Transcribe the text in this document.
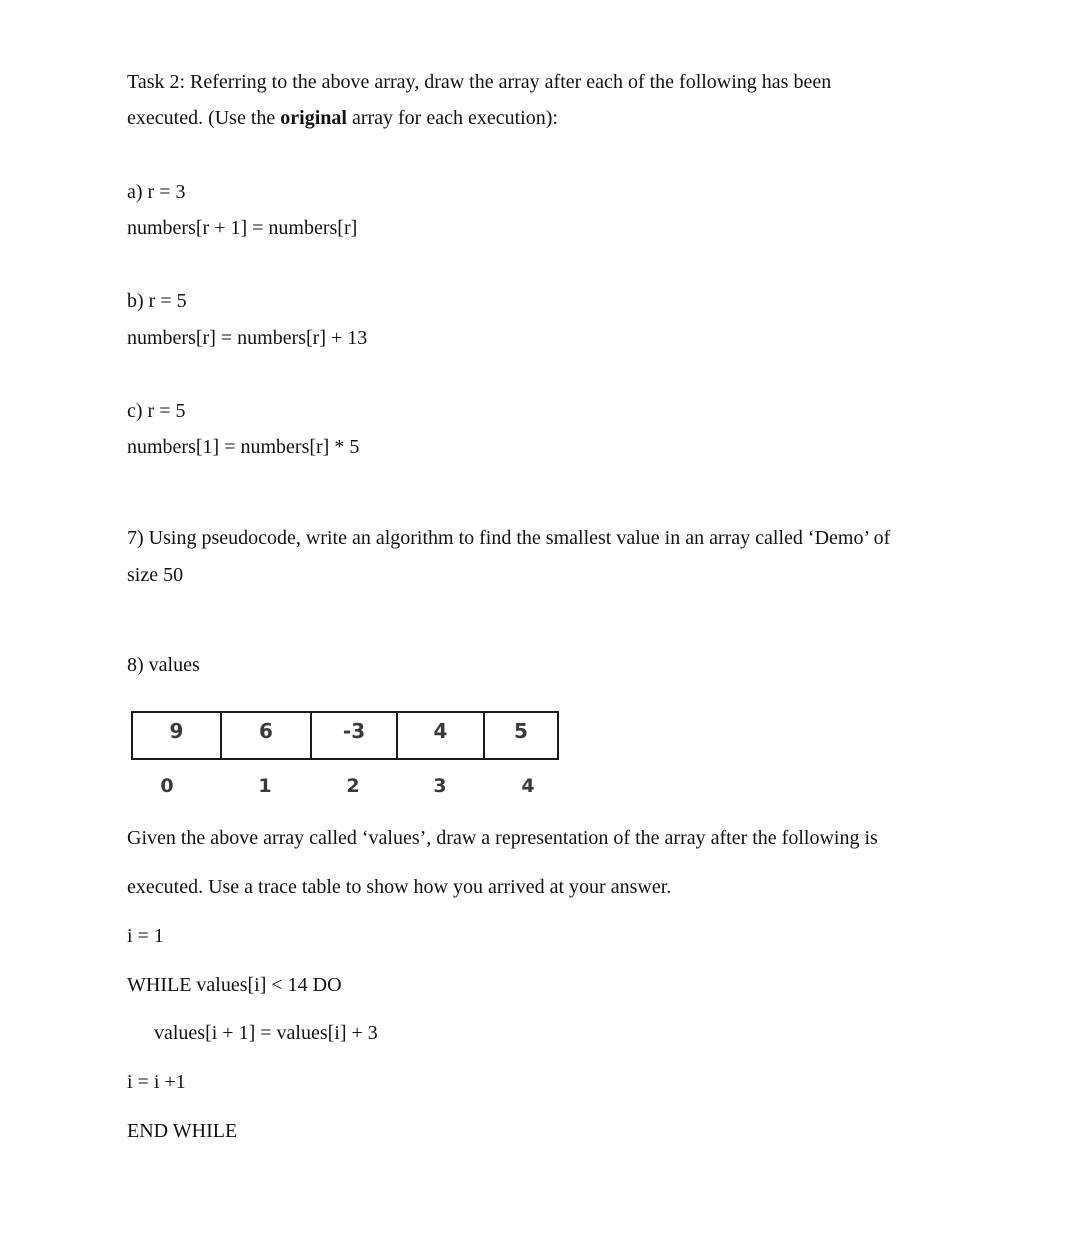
Task 2: Referring to the above array, draw the array after each of the following has been
executed. (Use the original array for each execution):
a) r = 3
numbers[r + 1] = numbers[r]
b) r = 5
numbers[r] = numbers[r] + 13
c) r = 5
numbers[1] = numbers[r] * 5
7) Using pseudocode, write an algorithm to find the smallest value in an array called ‘Demo’ of
size 50
8) values
9	6	-3	4	5
0	1	2	3	4
Given the above array called ‘values’, draw a representation of the array after the following is
executed. Use a trace table to show how you arrived at your answer.
i = 1
WHILE values[i] < 14 DO
values[i + 1] = values[i] + 3
i = i +1
END WHILE
